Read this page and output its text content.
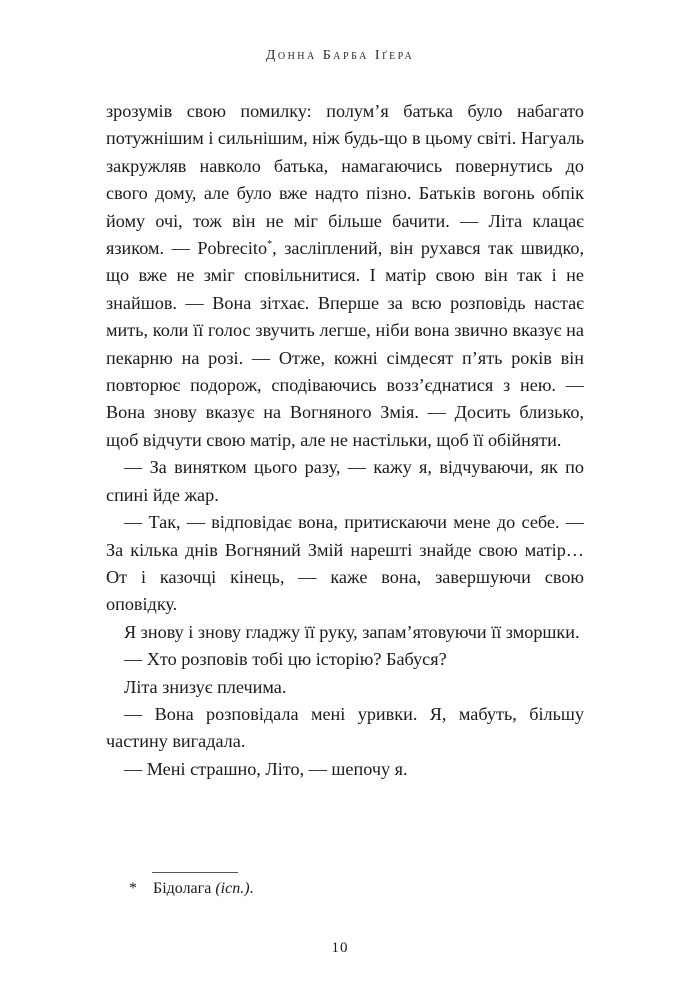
Донна Барба Іґера

зрозумів свою помилку: полум’я батька було набагато потужнішим і сильнішим, ніж будь-що в цьому світі. Нагуаль закружляв навколо батька, намагаючись повернутись до свого дому, але було вже надто пізно. Батьків вогонь обпік йому очі, тож він не міг більше бачити. — Літа клацає язиком. — Pobrecito*, засліплений, він рухався так швидко, що вже не зміг сповільнитися. І матір свою він так і не знайшов. — Вона зітхає. Вперше за всю розповідь настає мить, коли її голос звучить легше, ніби вона звично вказує на пекарню на розі. — Отже, кожні сімдесят п’ять років він повторює подорож, сподіваючись возз’єднатися з нею. — Вона знову вказує на Вогняного Змія. — Досить близько, щоб відчути свою матір, але не настільки, щоб її обійняти.

— За винятком цього разу, — кажу я, відчуваючи, як по спині йде жар.

— Так, — відповідає вона, притискаючи мене до себе. — За кілька днів Вогняний Змій нарешті знайде свою матір… От і казочці кінець, — каже вона, завершуючи свою оповідку.

Я знову і знову гладжу її руку, запам’ятовуючи її зморшки.

— Хто розповів тобі цю історію? Бабуся?

Літа знизує плечима.

— Вона розповідала мені уривки. Я, мабуть, більшу частину вигадала.

— Мені страшно, Літо, — шепочу я.

* Бідолага (ісп.).
10
